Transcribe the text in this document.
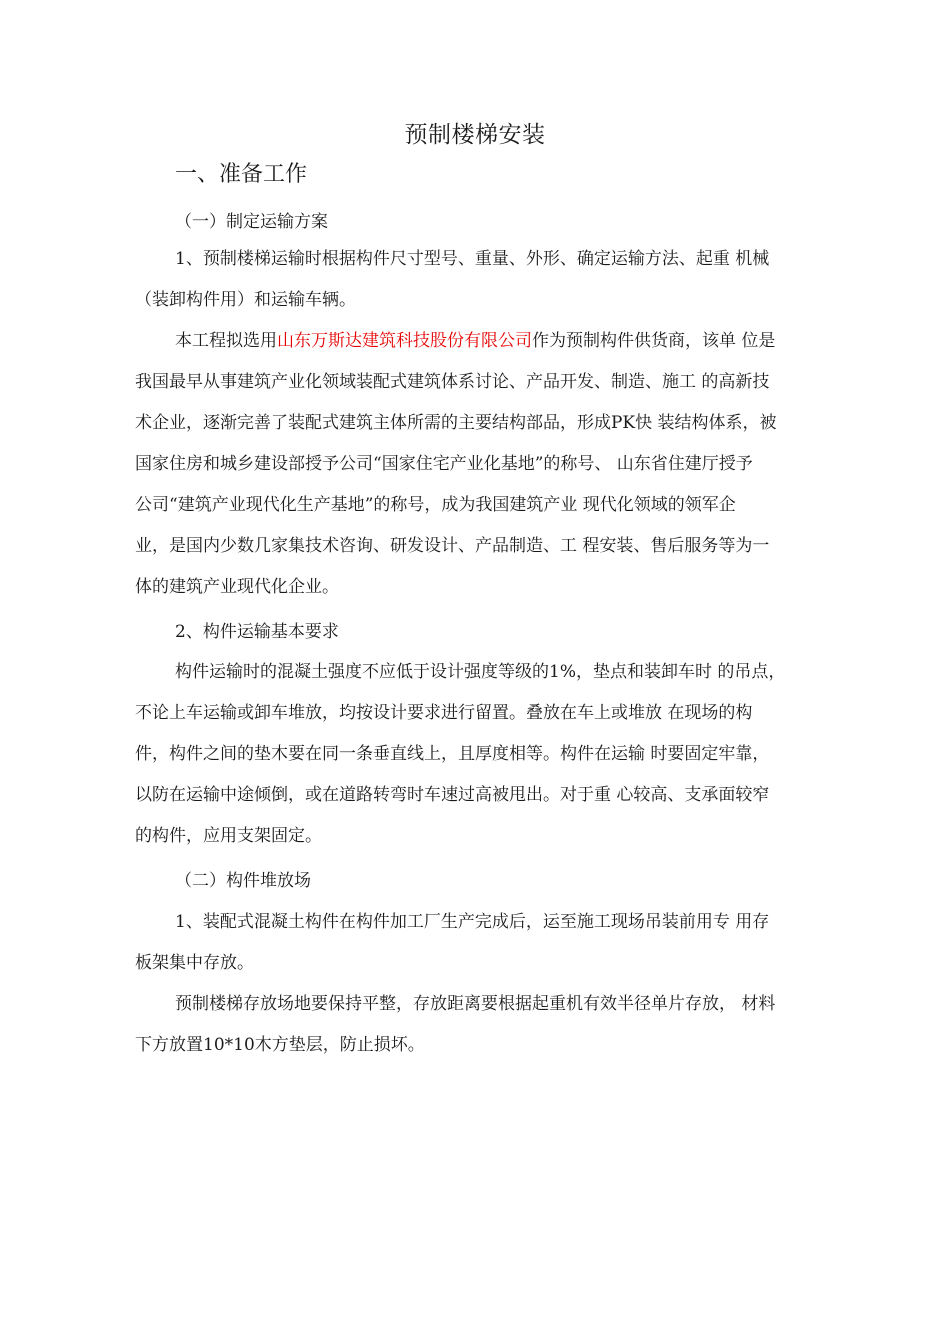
预制楼梯安装
一、准备工作
（一）制定运输方案
1、预制楼梯运输时根据构件尺寸型号、重量、外形、确定运输方法、起重 机械
（装卸构件用）和运输车辆。
本工程拟选用山东万斯达建筑科技股份有限公司作为预制构件供货商，该单 位是
我国最早从事建筑产业化领域装配式建筑体系讨论、产品开发、制造、施工 的高新技
术企业，逐渐完善了装配式建筑主体所需的主要结构部品，形成PK快 装结构体系，被
国家住房和城乡建设部授予公司“国家住宅产业化基地”的称号、 山东省住建厅授予
公司“建筑产业现代化生产基地”的称号，成为我国建筑产业 现代化领域的领军企
业，是国内少数几家集技术咨询、研发设计、产品制造、工 程安装、售后服务等为一
体的建筑产业现代化企业。
2、构件运输基本要求
构件运输时的混凝土强度不应低于设计强度等级的1%，垫点和装卸车时 的吊点，
不论上车运输或卸车堆放，均按设计要求进行留置。叠放在车上或堆放 在现场的构
件，构件之间的垫木要在同一条垂直线上，且厚度相等。构件在运输 时要固定牢靠，
以防在运输中途倾倒，或在道路转弯时车速过高被甩出。对于重 心较高、支承面较窄
的构件，应用支架固定。
（二）构件堆放场
1、装配式混凝土构件在构件加工厂生产完成后，运至施工现场吊装前用专 用存
板架集中存放。
预制楼梯存放场地要保持平整，存放距离要根据起重机有效半径单片存放， 材料
下方放置10*10木方垫层，防止损坏。
